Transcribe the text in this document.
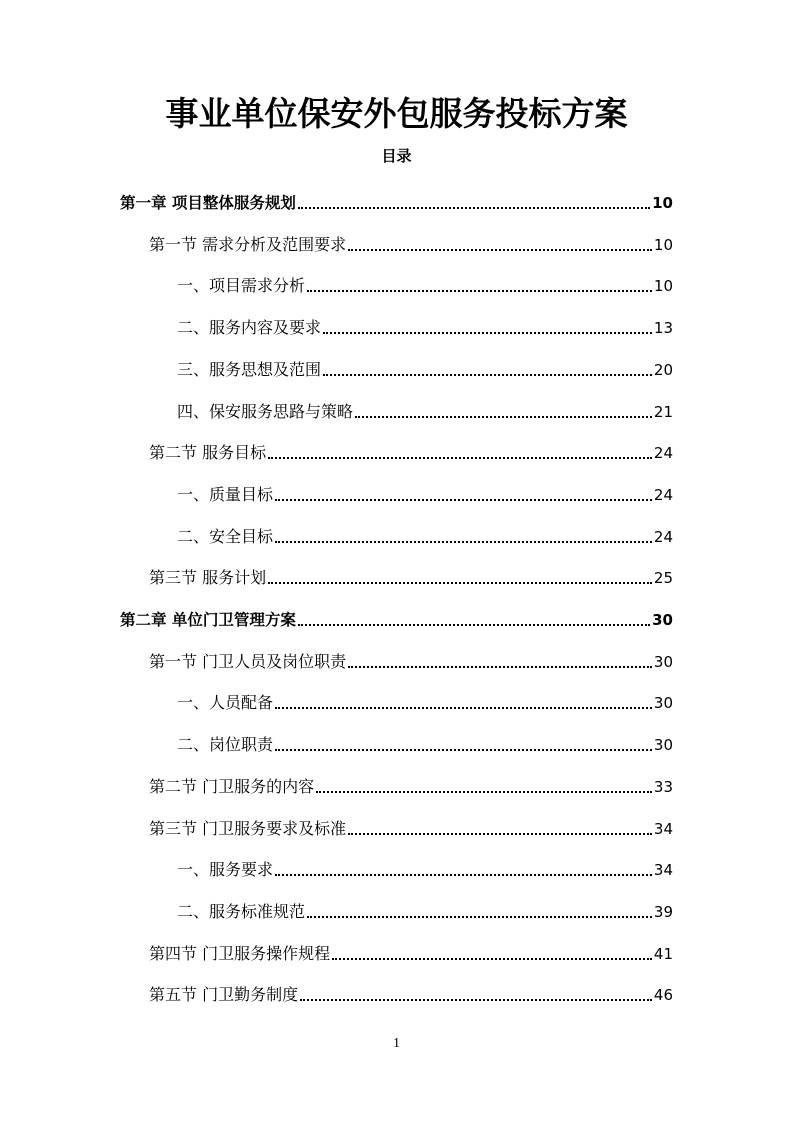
事业单位保安外包服务投标方案
目录
第一章 项目整体服务规划	10
第一节 需求分析及范围要求	10
一、项目需求分析	10
二、服务内容及要求	13
三、服务思想及范围	20
四、保安服务思路与策略	21
第二节 服务目标	24
一、质量目标	24
二、安全目标	24
第三节 服务计划	25
第二章 单位门卫管理方案	30
第一节 门卫人员及岗位职责	30
一、人员配备	30
二、岗位职责	30
第二节 门卫服务的内容	33
第三节 门卫服务要求及标准	34
一、服务要求	34
二、服务标准规范	39
第四节 门卫服务操作规程	41
第五节 门卫勤务制度	46
1
